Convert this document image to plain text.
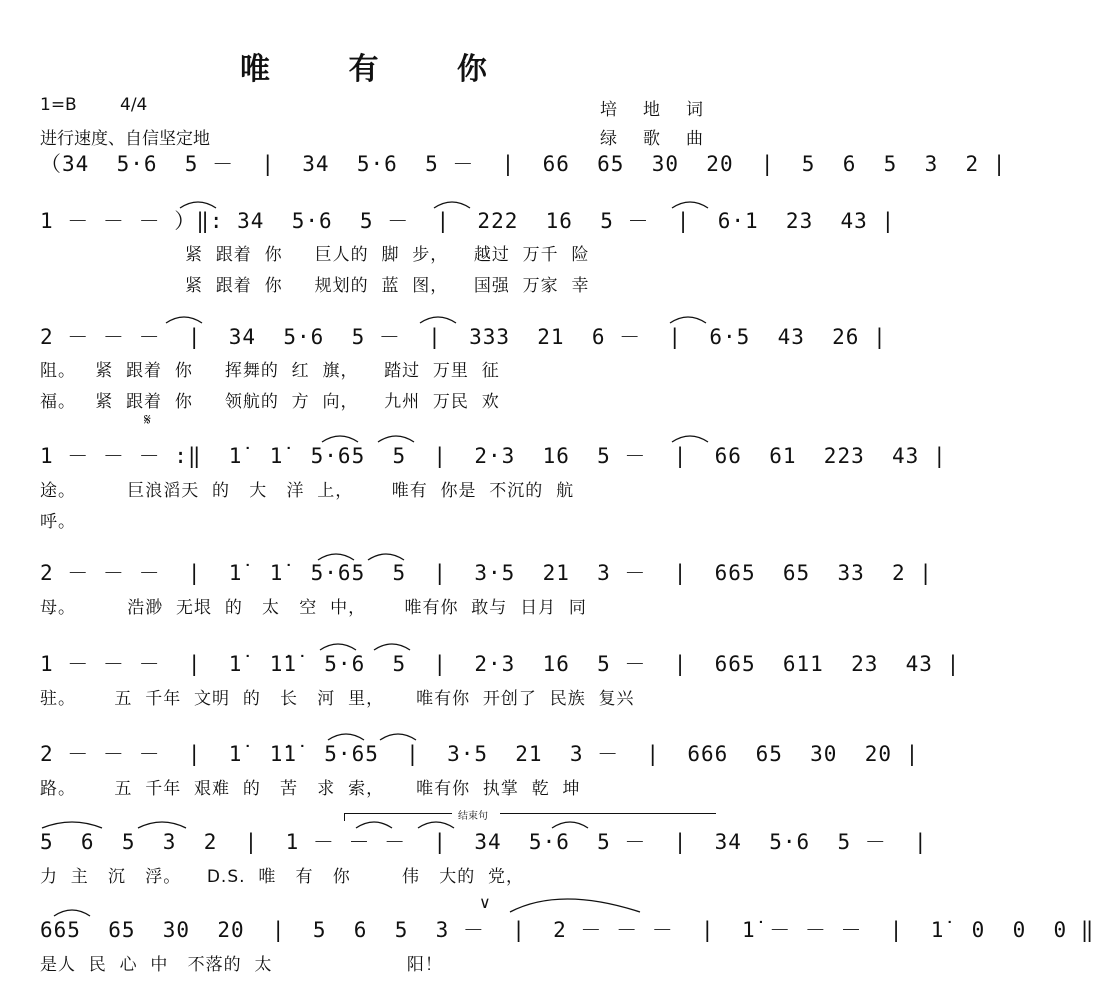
唯 有 你
1=B	4/4
进行速度、自信坚定地
培地词
绿歌曲
（34  5·6  5 －  |  34  5·6  5 －  |  66  65  30  20  |  5  6  5  3  2 |
1 － － － ）‖: 34  5·6  5 －  |  222  16  5 －  |  6·1  23  43 |
紧  跟着  你     巨人的  脚  步，    越过  万千  险
紧  跟着  你     规划的  蓝  图，    国强  万家  幸
2 － － －  |  34  5·6  5 －  |  333  21  6 －  |  6·5  43  26 |
阻。   紧  跟着  你     挥舞的  红  旗，    踏过  万里  征
福。   紧  跟着  你     领航的  方  向，    九州  万民  欢
𝄋
1 － － － :‖  1̇  1̇  5·65  5  |  2·3  16  5 －  |  66  61  223  43 |
途。        巨浪滔天  的   大   洋  上，      唯有  你是  不沉的  航
呼。
2 － － －  |  1̇  1̇  5·65  5  |  3·5  21  3 －  |  665  65  33  2 |
母。        浩渺  无垠  的   太   空  中，      唯有你  敢与  日月  同
1 － － －  |  1̇  1̇1̇  5·6  5  |  2·3  16  5 －  |  665  611  23  43 |
驻。      五  千年  文明  的   长   河  里，     唯有你  开创了  民族  复兴
2 － － －  |  1̇  1̇1̇  5·65  |  3·5  21  3 －  |  666  65  30  20 |
路。      五  千年  艰难  的   苦   求  索，     唯有你  执掌  乾  坤
结束句
5  6  5  3  2  |  1 － － －  |  34  5·6  5 －  |  34  5·6  5 －  |
力  主   沉   浮。    D.S.  唯   有   你        伟   大的  党，
∨
665  65  30  20  |  5  6  5  3 －  |  2 － － －  |  1̇ － － －  |  1̇  0  0  0 ‖
是人  民  心  中   不落的  太                     阳！
